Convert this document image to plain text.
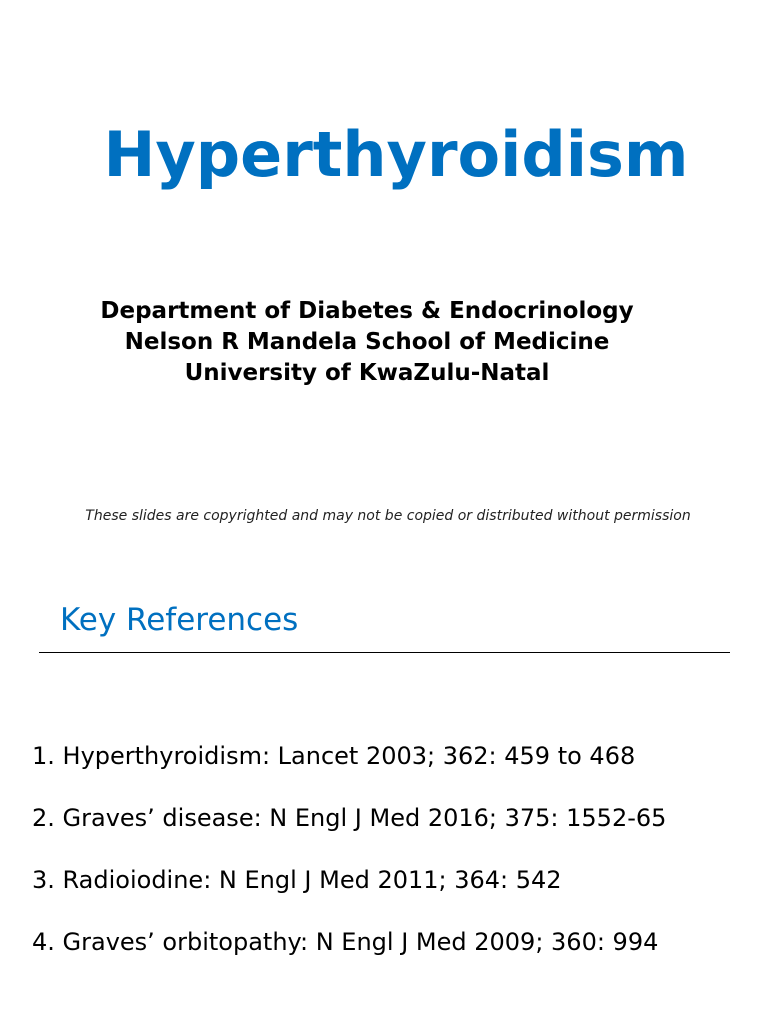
Hyperthyroidism
Department of Diabetes & Endocrinology
Nelson R Mandela School of Medicine
University of KwaZulu-Natal
These slides are copyrighted and may not be copied or distributed without permission
Key References
1. Hyperthyroidism: Lancet 2003; 362: 459 to 468
2. Graves’ disease: N Engl J Med 2016; 375: 1552-65
3. Radioiodine: N Engl J Med 2011; 364: 542
4. Graves’ orbitopathy: N Engl J Med 2009; 360: 994
